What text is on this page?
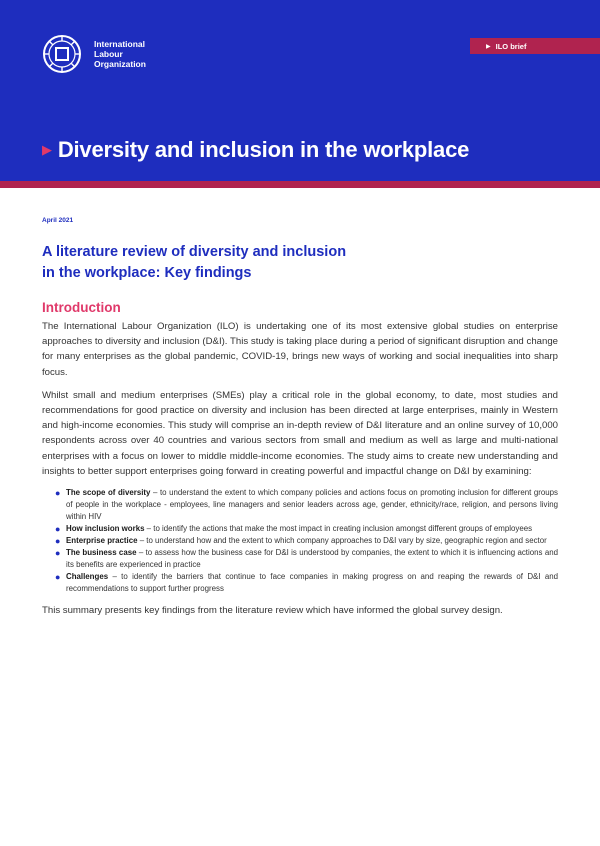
International
Labour
Organization
▶ ILO brief
▶ Diversity and inclusion in the workplace
April 2021
A literature review of diversity and inclusion in the workplace: Key findings
Introduction

The International Labour Organization (ILO) is undertaking one of its most extensive global studies on enterprise approaches to diversity and inclusion (D&I). This study is taking place during a period of significant disruption and change for many enterprises as the global pandemic, COVID-19, brings new ways of working and social inequalities into sharp focus.

Whilst small and medium enterprises (SMEs) play a critical role in the global economy, to date, most studies and recommendations for good practice on diversity and inclusion has been directed at large enterprises, mainly in Western and high-income economies. This study will comprise an in-depth review of D&I literature and an online survey of 10,000 respondents across over 40 countries and various sectors from small and medium as well as large and multi-national enterprises with a focus on lower to middle middle-income economies. The study aims to create new understanding and insights to better support enterprises going forward in creating powerful and impactful change on D&I by examining:

● The scope of diversity – to understand the extent to which company policies and actions focus on promoting inclusion for different groups of people in the workplace - employees, line managers and senior leaders across age, gender, ethnicity/race, religion, and persons living within HIV
● How inclusion works – to identify the actions that make the most impact in creating inclusion amongst different groups of employees
● Enterprise practice – to understand how and the extent to which company approaches to D&I vary by size, geographic region and sector
● The business case – to assess how the business case for D&I is understood by companies, the extent to which it is influencing actions and its benefits are experienced in practice
● Challenges – to identify the barriers that continue to face companies in making progress on and reaping the rewards of D&I and recommendations to support further progress

This summary presents key findings from the literature review which have informed the global survey design.
